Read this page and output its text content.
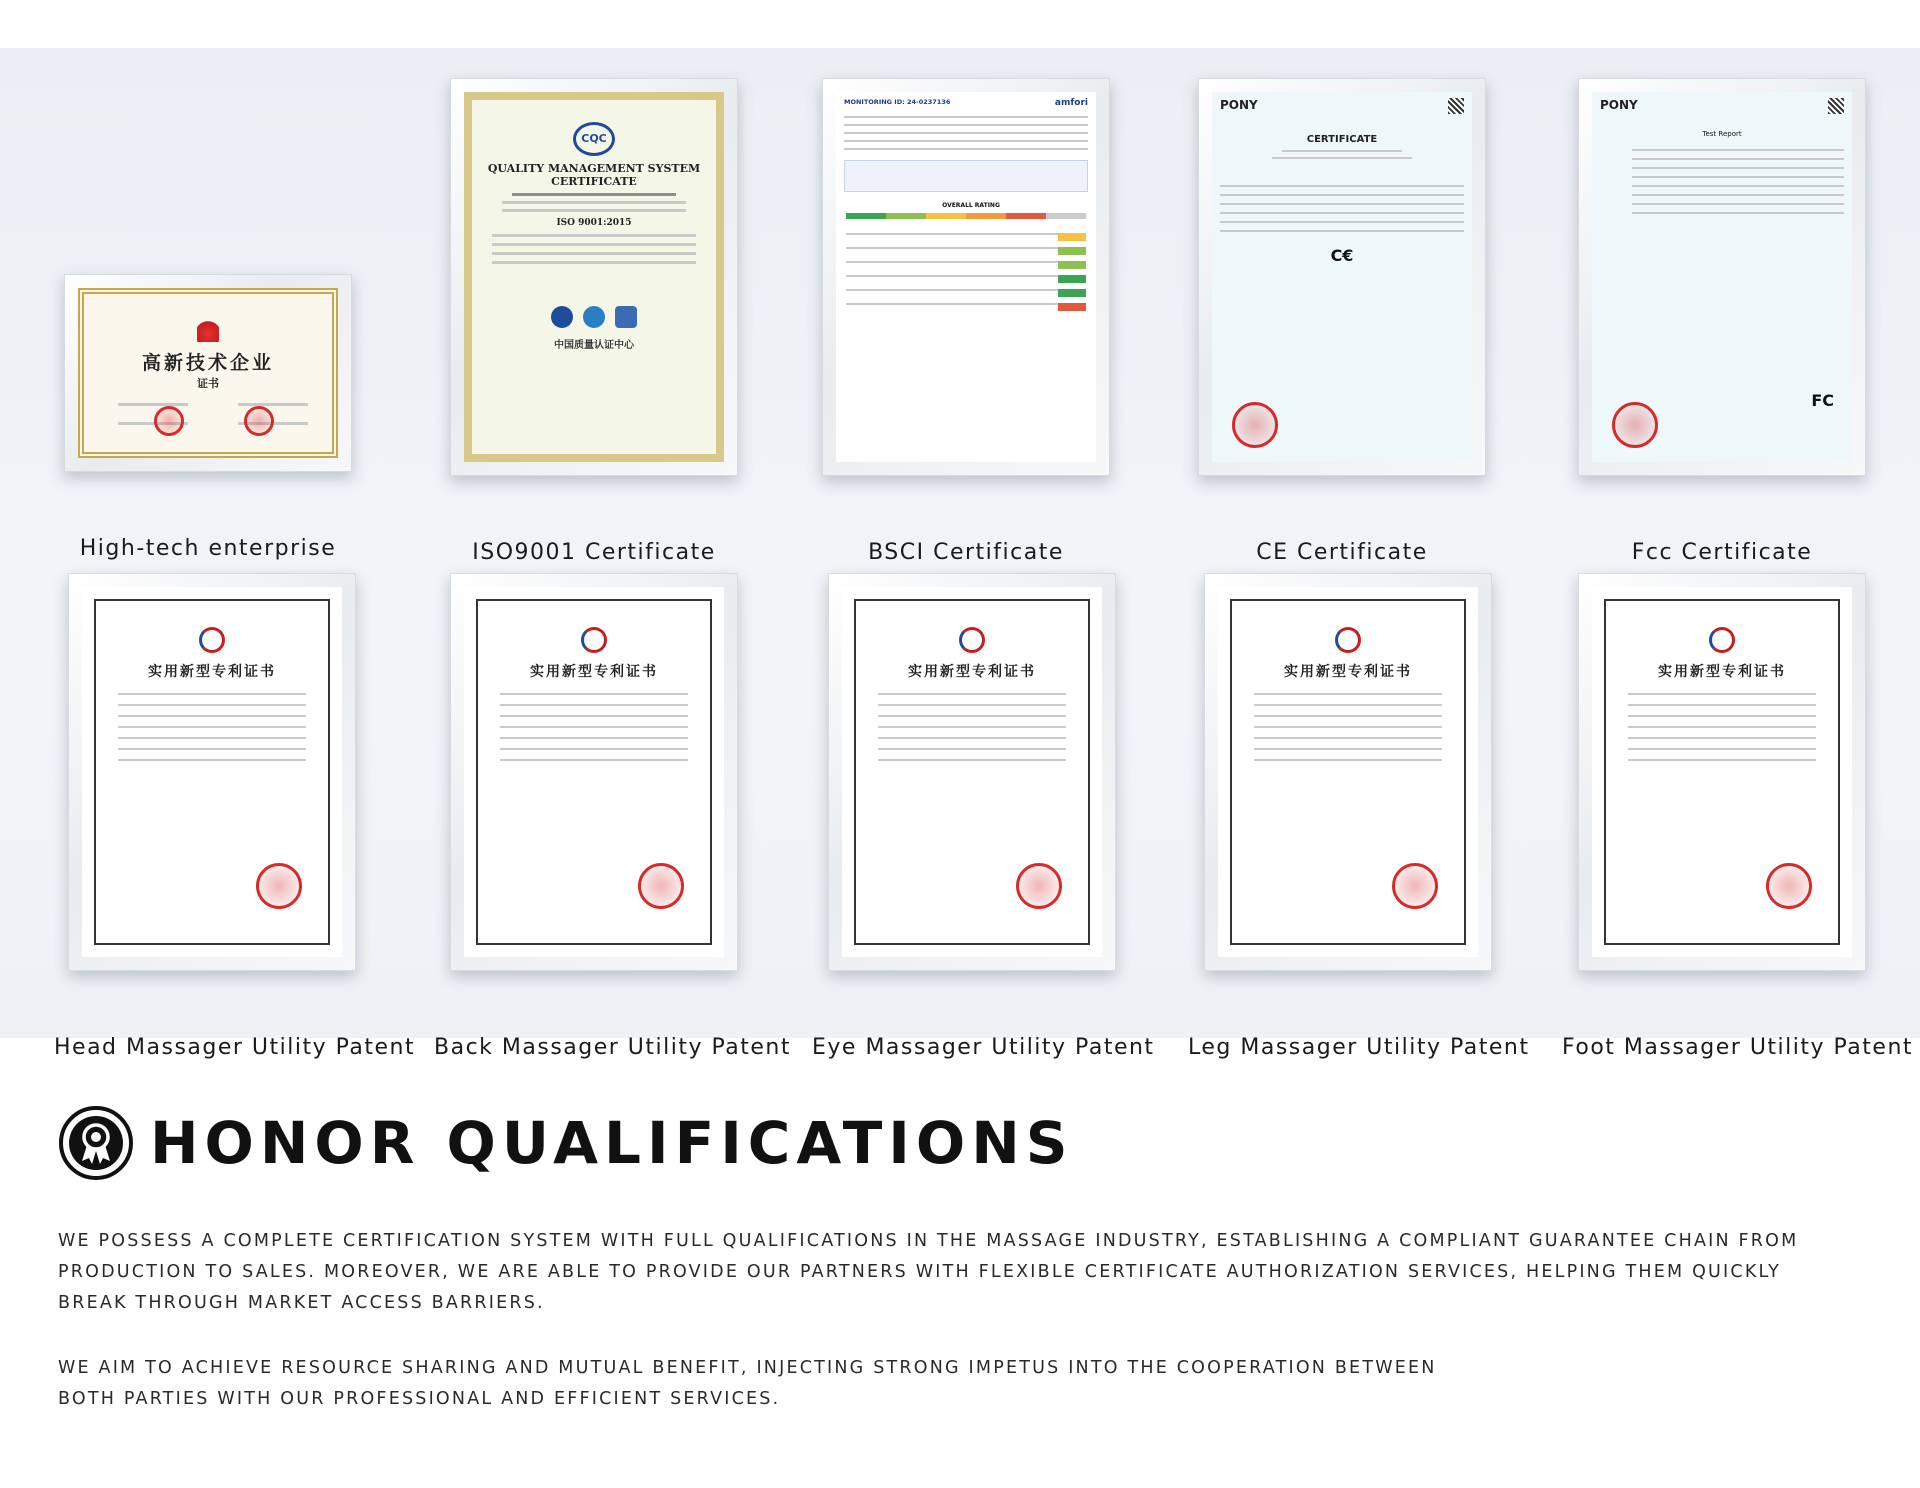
高新技术企业
证书

High-tech enterprise
CQC
QUALITY MANAGEMENT SYSTEM CERTIFICATE
ISO 9001:2015
中国质量认证中心
ISO9001 Certificate
MONITORING ID: 24-0237136	amfori
OVERALL RATING
BSCI Certificate
PONY
CERTIFICATE
C€
CE Certificate
PONY
Test Report
FC
Fcc Certificate
实用新型专利证书
Head Massager Utility Patent
实用新型专利证书
Back Massager Utility Patent
实用新型专利证书
Eye Massager Utility Patent
实用新型专利证书
Leg Massager Utility Patent
实用新型专利证书
Foot Massager Utility Patent
HONOR QUALIFICATIONS

WE POSSESS A COMPLETE CERTIFICATION SYSTEM WITH FULL QUALIFICATIONS IN THE MASSAGE INDUSTRY, ESTABLISHING A COMPLIANT GUARANTEE CHAIN FROM PRODUCTION TO SALES. MOREOVER, WE ARE ABLE TO PROVIDE OUR PARTNERS WITH FLEXIBLE CERTIFICATE AUTHORIZATION SERVICES, HELPING THEM QUICKLY BREAK THROUGH MARKET ACCESS BARRIERS.

WE AIM TO ACHIEVE RESOURCE SHARING AND MUTUAL BENEFIT, INJECTING STRONG IMPETUS INTO THE COOPERATION BETWEEN BOTH PARTIES WITH OUR PROFESSIONAL AND EFFICIENT SERVICES.
